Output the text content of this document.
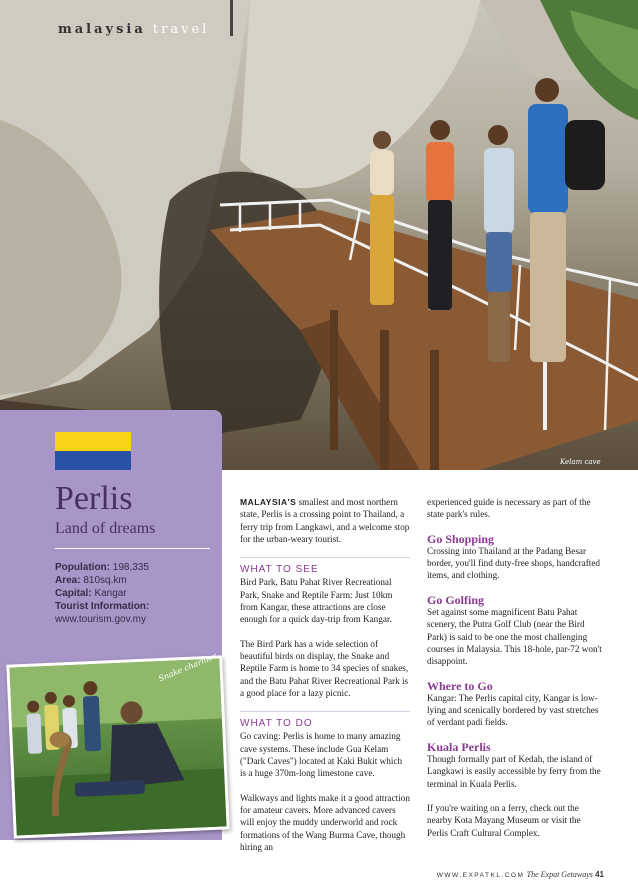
malaysia travel
Kelam cave
Perlis
Land of dreams
Population: 198,335
Area: 810sq.km
Capital: Kangar
Tourist Information:
www.tourism.gov.my
Snake charmer

MALAYSIA'S smallest and most northern state, Perlis is a crossing point to Thailand, a ferry trip from Langkawi, and a welcome stop for the urban-weary tourist.

WHAT TO SEE

Bird Park, Batu Pahat River Recreational Park, Snake and Reptile Farm: Just 10km from Kangar, these attractions are close enough for a quick day-trip from Kangar.

The Bird Park has a wide selection of beautiful birds on display, the Snake and Reptile Farm is home to 34 species of snakes, and the Batu Pahat River Recreational Park is a good place for a lazy picnic.

WHAT TO DO

Go caving: Perlis is home to many amazing cave systems. These include Gua Kelam ("Dark Caves") located at Kaki Bukit which is a huge 370m-long limestone cave.

Walkways and lights make it a good attraction for amateur cavers. More advanced cavers will enjoy the muddy underworld and rock formations of the Wang Burma Cave, though hiring an

experienced guide is necessary as part of the state park's rules.

Go Shopping

Crossing into Thailand at the Padang Besar border, you'll find duty-free shops, handcrafted items, and clothing.

Go Golfing

Set against some magnificent Batu Pahat scenery, the Putra Golf Club (near the Bird Park) is said to be one the most challenging courses in Malaysia. This 18-hole, par-72 won't disappoint.

Where to Go

Kangar: The Perlis capital city, Kangar is low-lying and scenically bordered by vast stretches of verdant padi fields.

Kuala Perlis

Though formally part of Kedah, the island of Langkawi is easily accessible by ferry from the terminal in Kuala Perlis.

If you're waiting on a ferry, check out the nearby Kota Mayang Museum or visit the Perlis Craft Cultural Complex.

WWW.EXPATKL.COM The Expat Getaways 41
